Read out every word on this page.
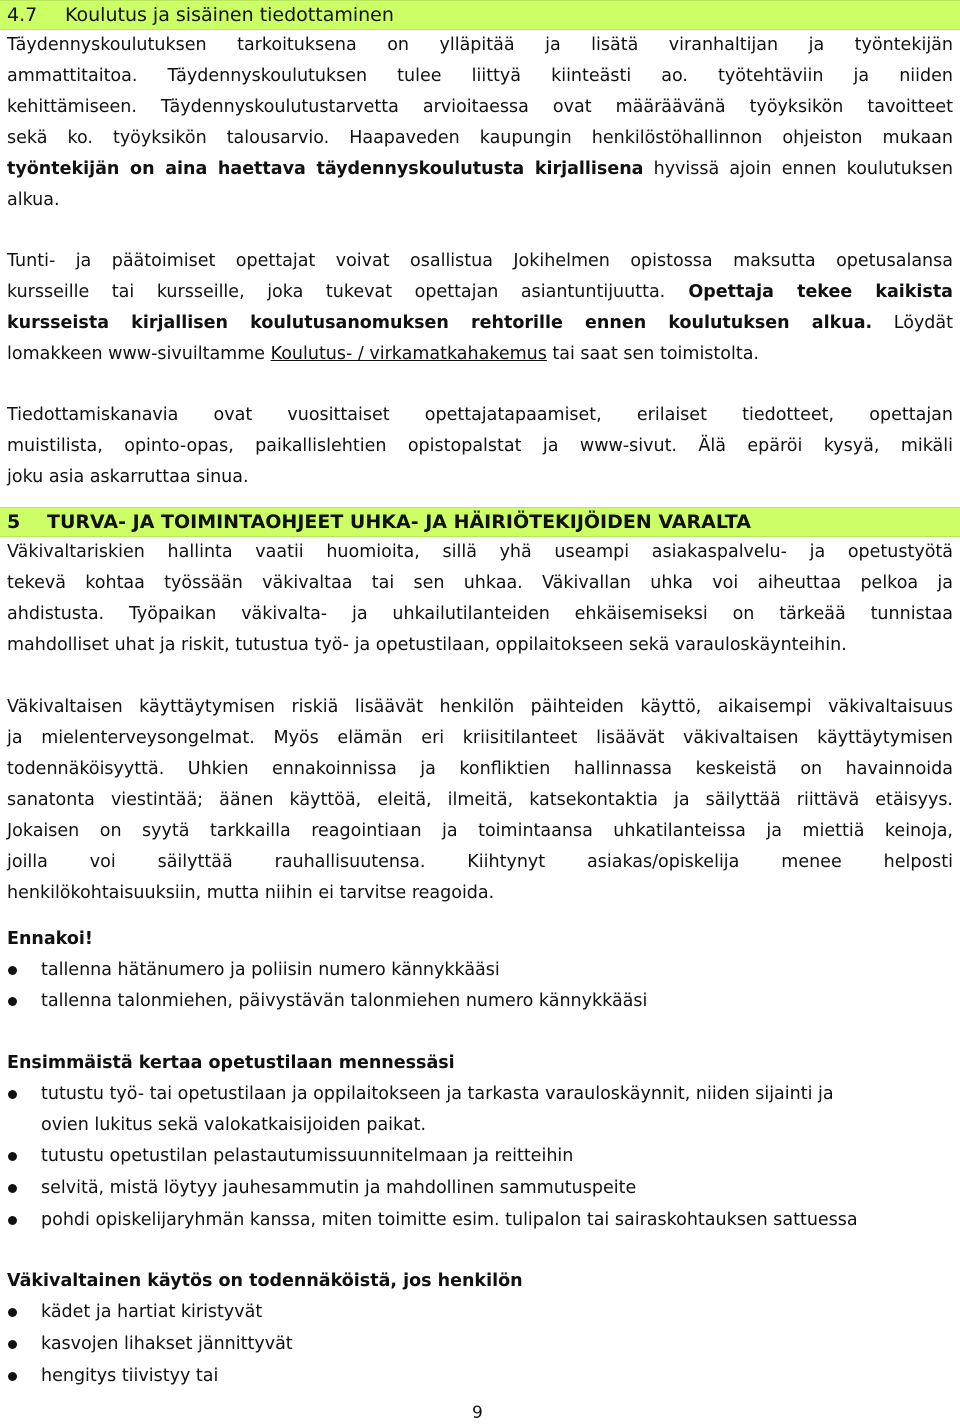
4.7 Koulutus ja sisäinen tiedottaminen
Täydennyskoulutuksen tarkoituksena on ylläpitää ja lisätä viranhaltijan ja työntekijän
ammattitaitoa. Täydennyskoulutuksen tulee liittyä kiinteästi ao. työtehtäviin ja niiden
kehittämiseen. Täydennyskoulutustarvetta arvioitaessa ovat määräävänä työyksikön tavoitteet
sekä ko. työyksikön talousarvio. Haapaveden kaupungin henkilöstöhallinnon ohjeiston mukaan
työntekijän on aina haettava täydennyskoulutusta kirjallisena hyvissä ajoin ennen koulutuksen
alkua.
Tunti- ja päätoimiset opettajat voivat osallistua Jokihelmen opistossa maksutta opetusalansa
kursseille tai kursseille, joka tukevat opettajan asiantuntijuutta. Opettaja tekee kaikista
kursseista kirjallisen koulutusanomuksen rehtorille ennen koulutuksen alkua. Löydät
lomakkeen www-sivuiltamme Koulutus- / virkamatkahakemus tai saat sen toimistolta.
Tiedottamiskanavia ovat vuosittaiset opettajatapaamiset, erilaiset tiedotteet, opettajan
muistilista, opinto-opas, paikallislehtien opistopalstat ja www-sivut. Älä epäröi kysyä, mikäli
joku asia askarruttaa sinua.
5 TURVA- JA TOIMINTAOHJEET UHKA- JA HÄIRIÖTEKIJÖIDEN VARALTA
Väkivaltariskien hallinta vaatii huomioita, sillä yhä useampi asiakaspalvelu- ja opetustyötä
tekevä kohtaa työssään väkivaltaa tai sen uhkaa. Väkivallan uhka voi aiheuttaa pelkoa ja
ahdistusta. Työpaikan väkivalta- ja uhkailutilanteiden ehkäisemiseksi on tärkeää tunnistaa
mahdolliset uhat ja riskit, tutustua työ- ja opetustilaan, oppilaitokseen sekä varauloskäynteihin.
Väkivaltaisen käyttäytymisen riskiä lisäävät henkilön päihteiden käyttö, aikaisempi väkivaltaisuus
ja mielenterveysongelmat. Myös elämän eri kriisitilanteet lisäävät väkivaltaisen käyttäytymisen
todennäköisyyttä. Uhkien ennakoinnissa ja konfliktien hallinnassa keskeistä on havainnoida
sanatonta viestintää; äänen käyttöä, eleitä, ilmeitä, katsekontaktia ja säilyttää riittävä etäisyys.
Jokaisen on syytä tarkkailla reagointiaan ja toimintaansa uhkatilanteissa ja miettiä keinoja,
joilla voi säilyttää rauhallisuutensa. Kiihtynyt asiakas/opiskelija menee helposti
henkilökohtaisuuksiin, mutta niihin ei tarvitse reagoida.
Ennakoi!
tallenna hätänumero ja poliisin numero kännykkääsi
tallenna talonmiehen, päivystävän talonmiehen numero kännykkääsi
Ensimmäistä kertaa opetustilaan mennessäsi
tutustu työ- tai opetustilaan ja oppilaitokseen ja tarkasta varauloskäynnit, niiden sijainti ja
ovien lukitus sekä valokatkaisijoiden paikat.
tutustu opetustilan pelastautumissuunnitelmaan ja reitteihin
selvitä, mistä löytyy jauhesammutin ja mahdollinen sammutuspeite
pohdi opiskelijaryhmän kanssa, miten toimitte esim. tulipalon tai sairaskohtauksen sattuessa
Väkivaltainen käytös on todennäköistä, jos henkilön
kädet ja hartiat kiristyvät
kasvojen lihakset jännittyvät
hengitys tiivistyy tai
9
